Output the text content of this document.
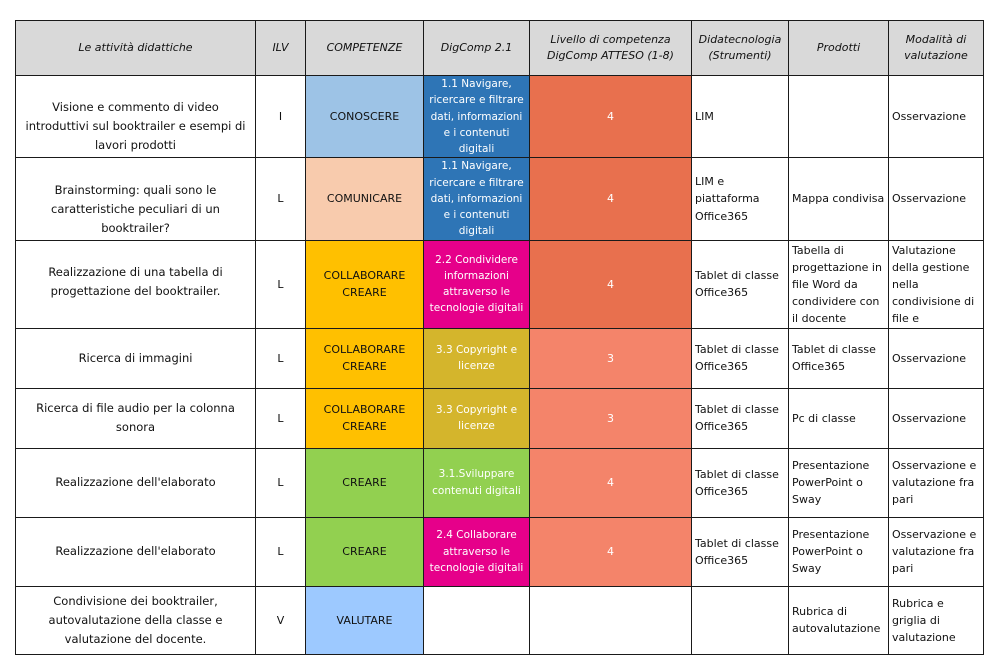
Le attività didattiche	ILV	COMPETENZE	DigComp 2.1	Livello di competenza DigComp ATTESO (1-8)	Didatecnologia (Strumenti)	Prodotti	Modalità di valutazione
Visione e commento di video introduttivi sul booktrailer e esempi di lavori prodotti	I	CONOSCERE	1.1 Navigare, ricercare e filtrare dati, informazioni e i contenuti digitali	4	LIM		Osservazione
Brainstorming: quali sono le caratteristiche peculiari di un booktrailer?	L	COMUNICARE	1.1 Navigare, ricercare e filtrare dati, informazioni e i contenuti digitali	4	LIM e piattaforma Office365	Mappa condivisa	Osservazione
Realizzazione di una tabella di progettazione del booktrailer.	L	COLLABORARE CREARE	2.2 Condividere informazioni attraverso le tecnologie digitali	4	Tablet di classe Office365	Tabella di progettazione in file Word da condividere con il docente	Valutazione della gestione nella condivisione di file e

Ricerca di immagini	L	COLLABORARE CREARE	3.3 Copyright e licenze	3	Tablet di classe Office365	Tablet di classe Office365	Osservazione
Ricerca di file audio per la colonna sonora	L	COLLABORARE CREARE	3.3 Copyright e licenze	3	Tablet di classe Office365	Pc di classe	Osservazione
Realizzazione dell'elaborato	L	CREARE	3.1.Sviluppare contenuti digitali	4	Tablet di classe Office365	Presentazione PowerPoint o Sway	Osservazione e valutazione fra pari
Realizzazione dell'elaborato	L	CREARE	2.4 Collaborare attraverso le tecnologie digitali	4	Tablet di classe Office365	Presentazione PowerPoint o Sway	Osservazione e valutazione fra pari
Condivisione dei booktrailer, autovalutazione della classe e valutazione del docente.	V	VALUTARE				Rubrica di autovalutazione	Rubrica e griglia di valutazione
